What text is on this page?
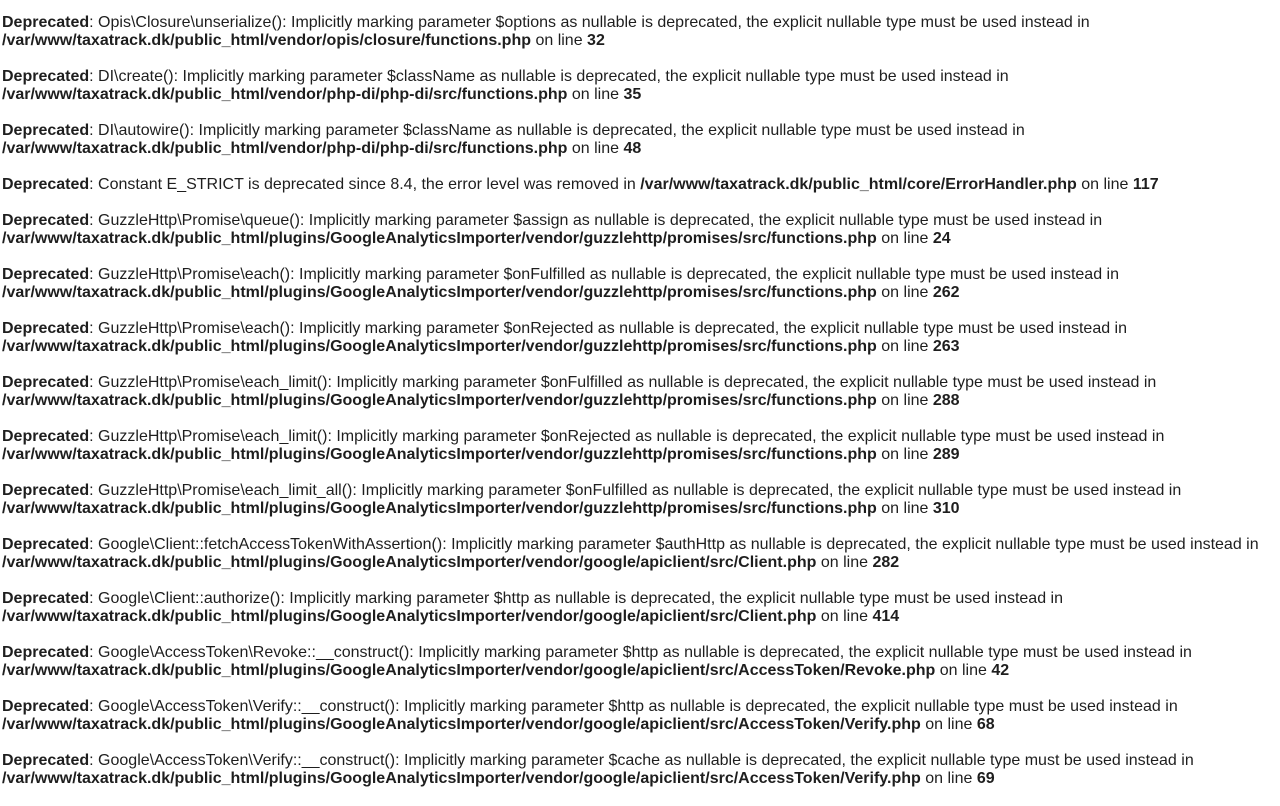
Deprecated: Opis\Closure\unserialize(): Implicitly marking parameter $options as nullable is deprecated, the explicit nullable type must be used instead in /var/www/taxatrack.dk/public_html/vendor/opis/closure/functions.php on line 32
Deprecated: DI\create(): Implicitly marking parameter $className as nullable is deprecated, the explicit nullable type must be used instead in /var/www/taxatrack.dk/public_html/vendor/php-di/php-di/src/functions.php on line 35
Deprecated: DI\autowire(): Implicitly marking parameter $className as nullable is deprecated, the explicit nullable type must be used instead in /var/www/taxatrack.dk/public_html/vendor/php-di/php-di/src/functions.php on line 48
Deprecated: Constant E_STRICT is deprecated since 8.4, the error level was removed in /var/www/taxatrack.dk/public_html/core/ErrorHandler.php on line 117
Deprecated: GuzzleHttp\Promise\queue(): Implicitly marking parameter $assign as nullable is deprecated, the explicit nullable type must be used instead in /var/www/taxatrack.dk/public_html/plugins/GoogleAnalyticsImporter/vendor/guzzlehttp/promises/src/functions.php on line 24
Deprecated: GuzzleHttp\Promise\each(): Implicitly marking parameter $onFulfilled as nullable is deprecated, the explicit nullable type must be used instead in /var/www/taxatrack.dk/public_html/plugins/GoogleAnalyticsImporter/vendor/guzzlehttp/promises/src/functions.php on line 262
Deprecated: GuzzleHttp\Promise\each(): Implicitly marking parameter $onRejected as nullable is deprecated, the explicit nullable type must be used instead in /var/www/taxatrack.dk/public_html/plugins/GoogleAnalyticsImporter/vendor/guzzlehttp/promises/src/functions.php on line 263
Deprecated: GuzzleHttp\Promise\each_limit(): Implicitly marking parameter $onFulfilled as nullable is deprecated, the explicit nullable type must be used instead in /var/www/taxatrack.dk/public_html/plugins/GoogleAnalyticsImporter/vendor/guzzlehttp/promises/src/functions.php on line 288
Deprecated: GuzzleHttp\Promise\each_limit(): Implicitly marking parameter $onRejected as nullable is deprecated, the explicit nullable type must be used instead in /var/www/taxatrack.dk/public_html/plugins/GoogleAnalyticsImporter/vendor/guzzlehttp/promises/src/functions.php on line 289
Deprecated: GuzzleHttp\Promise\each_limit_all(): Implicitly marking parameter $onFulfilled as nullable is deprecated, the explicit nullable type must be used instead in /var/www/taxatrack.dk/public_html/plugins/GoogleAnalyticsImporter/vendor/guzzlehttp/promises/src/functions.php on line 310
Deprecated: Google\Client::fetchAccessTokenWithAssertion(): Implicitly marking parameter $authHttp as nullable is deprecated, the explicit nullable type must be used instead in /var/www/taxatrack.dk/public_html/plugins/GoogleAnalyticsImporter/vendor/google/apiclient/src/Client.php on line 282
Deprecated: Google\Client::authorize(): Implicitly marking parameter $http as nullable is deprecated, the explicit nullable type must be used instead in /var/www/taxatrack.dk/public_html/plugins/GoogleAnalyticsImporter/vendor/google/apiclient/src/Client.php on line 414
Deprecated: Google\AccessToken\Revoke::__construct(): Implicitly marking parameter $http as nullable is deprecated, the explicit nullable type must be used instead in /var/www/taxatrack.dk/public_html/plugins/GoogleAnalyticsImporter/vendor/google/apiclient/src/AccessToken/Revoke.php on line 42
Deprecated: Google\AccessToken\Verify::__construct(): Implicitly marking parameter $http as nullable is deprecated, the explicit nullable type must be used instead in /var/www/taxatrack.dk/public_html/plugins/GoogleAnalyticsImporter/vendor/google/apiclient/src/AccessToken/Verify.php on line 68
Deprecated: Google\AccessToken\Verify::__construct(): Implicitly marking parameter $cache as nullable is deprecated, the explicit nullable type must be used instead in /var/www/taxatrack.dk/public_html/plugins/GoogleAnalyticsImporter/vendor/google/apiclient/src/AccessToken/Verify.php on line 69
